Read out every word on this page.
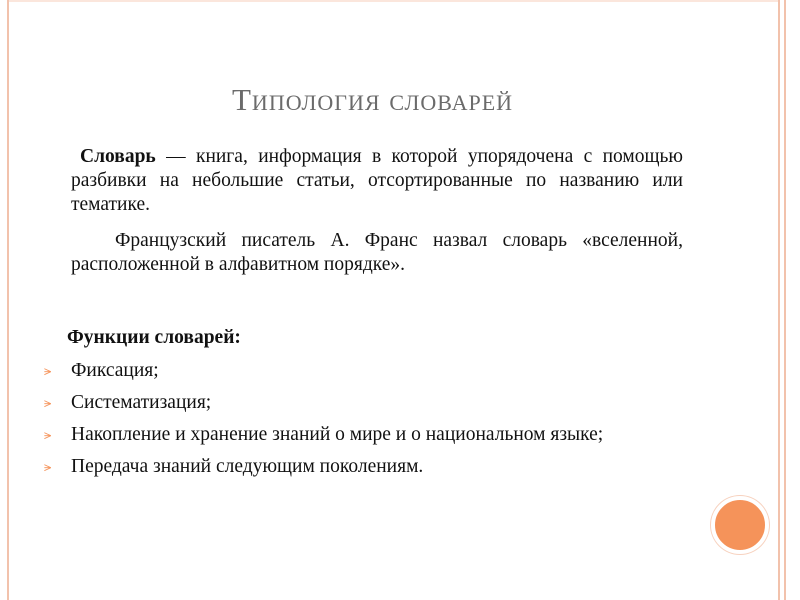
Типология словарей
Словарь — книга, информация в которой упорядочена с помощью разбивки на небольшие статьи, отсортированные по названию или тематике.
Французский писатель А. Франс назвал словарь «вселенной, расположенной в алфавитном порядке».
Функции словарей:
⪫ Фиксация;
⪫ Систематизация;
⪫ Накопление и хранение знаний о мире и о национальном языке;
⪫ Передача знаний следующим поколениям.
